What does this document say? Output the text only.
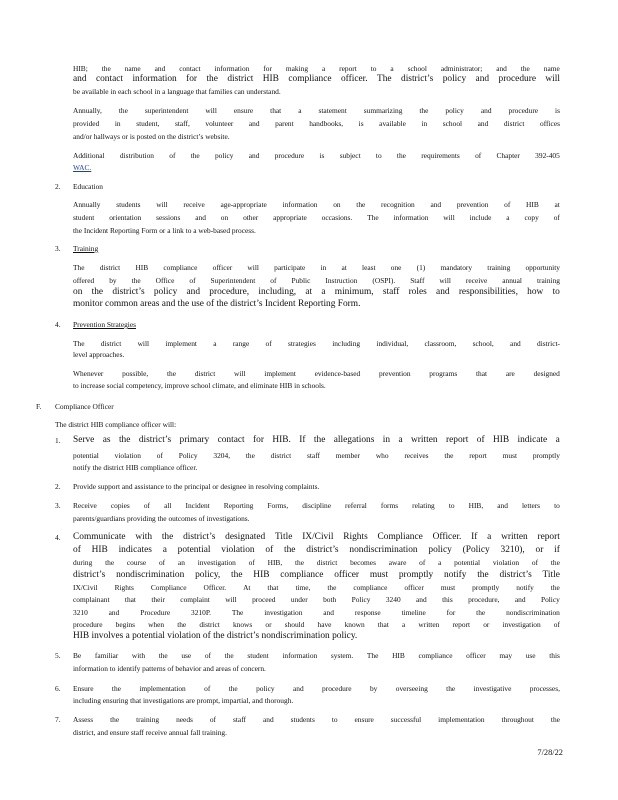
HIB; the name and contact information for making a report to a school administrator; and the name
and contact information for the district HIB compliance officer. The district’s policy and procedure will
be available in each school in a language that families can understand.
Annually, the superintendent will ensure that a statement summarizing the policy and procedure is
provided in student, staff, volunteer and parent handbooks, is available in school and district offices
and/or hallways or is posted on the district’s website.
Additional distribution of the policy and procedure is subject to the requirements of Chapter 392-405
WAC.
2. Education
Annually students will receive age-appropriate information on the recognition and prevention of HIB at
student orientation sessions and on other appropriate occasions. The information will include a copy of
the Incident Reporting Form or a link to a web-based process.
3. Training
The district HIB compliance officer will participate in at least one (1) mandatory training opportunity
offered by the Office of Superintendent of Public Instruction (OSPI). Staff will receive annual training
on the district’s policy and procedure, including, at a minimum, staff roles and responsibilities, how to
monitor common areas and the use of the district’s Incident Reporting Form.
4. Prevention Strategies
The district will implement a range of strategies including individual, classroom, school, and district-
level approaches.
Whenever	possible,	the	district	will	implement	evidence-based	prevention	programs	that	are	designed
to increase social competency, improve school climate, and eliminate HIB in schools.
F. Compliance Officer
The district HIB compliance officer will:
1. Serve as the district’s primary contact for HIB. If the allegations in a written report of HIB indicate a
potential violation of Policy 3204, the district staff member who receives the report must promptly
notify the district HIB compliance officer.
2. Provide support and assistance to the principal or designee in resolving complaints.
3. Receive copies of all Incident Reporting Forms, discipline referral forms relating to HIB, and letters to
parents/guardians providing the outcomes of investigations.
4. Communicate with the district’s designated Title IX/Civil Rights Compliance Officer. If a written report
of HIB indicates a potential violation of the district’s nondiscrimination policy (Policy 3210), or if
during the course of an investigation of HIB, the district becomes aware of a potential violation of the
district’s nondiscrimination policy, the HIB compliance officer must promptly notify the district’s Title
IX/Civil Rights Compliance Officer. At that time, the compliance officer must promptly notify the
complainant that their complaint will proceed under both Policy 3240 and this procedure, and Policy
3210	and	Procedure	3210P.	The	investigation	and	response	timeline	for	the	nondiscrimination
procedure begins when the district knows or should have known that a written report or investigation of
HIB involves a potential violation of the district’s nondiscrimination policy.
5. Be familiar with the use of the student information system. The HIB compliance officer may use this
information to identify patterns of behavior and areas of concern.
6. Ensure the implementation of the policy and procedure by overseeing the investigative processes,
including ensuring that investigations are prompt, impartial, and thorough.
7. Assess the training needs of staff and students to ensure successful implementation throughout the
district, and ensure staff receive annual fall training.
7/28/22
